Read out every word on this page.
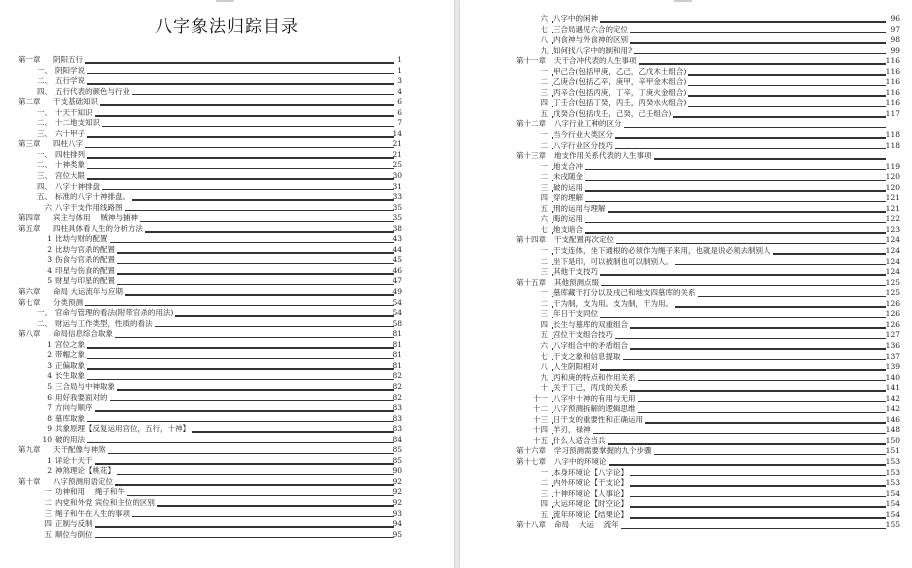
八字象法归踪目录
第一章	阴阳五行	1
一、 阴阳学说	1
二、 五行学说	3
四、 五行代表的颜色与行业	4
第二章	干支基础知识	6
一、 十天干知识	6
二、 十二地支知识	7
三、 六十甲子	14
第三章	四柱八字	21
一、 四柱排列	21
二、 十神类象	25
三、 宫位大限	30
四、 八字十神排盘	31
五、 标准的八字十神排盘。	33
六 八字干支作用线路图	35
第四章	宾主与体用　 贼神与捕神	35
第五章	四柱具体看人生的分析方法	38
1 比劫与财的配置	43
2 比劫与官杀的配置	44
3 伤食与官杀的配置	45
4 印星与伤食的配置	46
5 财星与印星的配置	47
第六章	命局 大运流年与应期	49
第七章	分类预测	54
一、 官命与管理的看法(附带官杀的用法)	54
二、 财运与工作类型，性质的看法	58
第八章	命局信息综合取象	81
1 宫位之象	81
2 带帽之象	81
3 正偏取象	81
4 长生取象	82
5 三合局与中神取象	82
6 用好我要面对的	82
7 方向与顺序	83
8 墓库取象	83
9 共象原理【反复运用宫位，五行，十神】	83
10 破的用法	84
第九章	天干配像与神煞	85
1 详论十天干	85
2 神煞理论【桃花】	90
第十章	八字预测用语定位	92
一 功神和用　 绳子和牛	92
二 内党和外党 宾位和主位的区别	92
三 绳子和牛在人生的事项	93
四 正制与反制	94
五 顺位与倒位	95
六 八字中的闲神	96
七 三合局遇见六合的定位	97
八 内食神与外食神的区别	98
九 如何找八字中的制和用?	99
第十一章	天干合冲代表的人生事项	116
一 甲己合(包括甲庚，乙己，乙戊木土组合)	116
二 乙庚合(包括乙辛，庚甲，辛甲金木组合)	116
三 丙辛合(包括丙庚，丁辛，丁庚火金组合)	116
四 丁壬合(包括丁癸，丙壬，丙癸水火组合)	116
五 戊癸合(包括戊壬，己癸，己壬组合)	117
第十二章	八字行业工种的区分
一 当今行业大类区分	118
二 八字行业区分技巧	118
第十三章	地支作用关系代表的人生事项
一 地支合冲	119
二 未戌随金	120
三 破的运用	120
四 穿的理解	121
五 刑的运用与理解	121
六 晦的运用	122
七 地支暗合	123
第十四章	干支配置再次定位	124
一 干支连体，坐下通根的必须作为绳子来用，也就是说必须去制别人	124
二 坐下是印，可以被制也可以制别人。	124
三 其他干支技巧	124
第十五章	其他预测点缀	125
一 墓库藏干打分以及戌己和地支四墓库的关系	125
二 干为制，支为用。支为制，干为用。	126
三 年日干支同位	126
四 长生与墓库的双重组合	126
五 宫位干支组合技巧	127
六 八字组合中的矛盾组合	136
七 干支之象和信息提取	137
八 人生阴阳相对	139
九 丙和庚的特点和作用关系	140
十 关于丁己，丙戊的关系	141
十一 八字中十神的有用与无用	142
十二 八字预测拆解的逻辑思维	142
十三 日干支的重要性和正确运用	146
十四 羊刃，禄神	148
十五 什么人适合当兵	150
第十六章	学习预测需要掌握的九个步骤	151
第十七章	八字中的环境论	153
一 本身环境论【八字论】	153
二 内外环境论【干支论】	153
三 十神环境论【人事论】	154
四 大运环境论【时空论】	154
五 流年环境论【结果论】	154
第十八章	命局　 大运　 流年	155
